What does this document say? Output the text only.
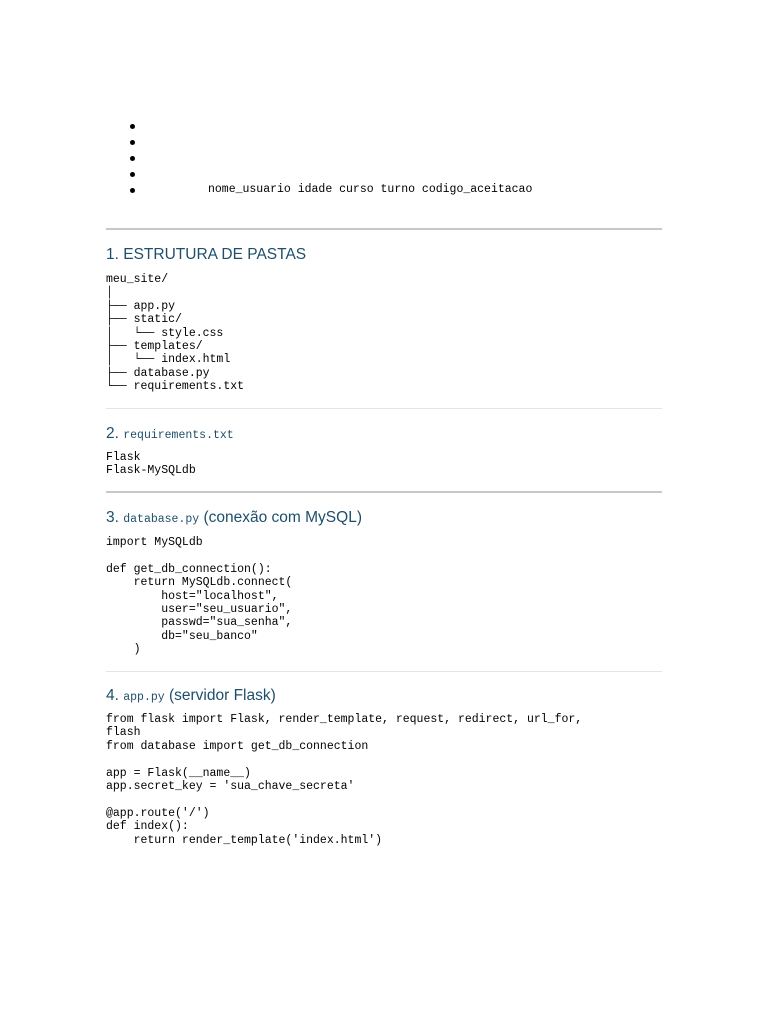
nome_usuario idade curso turno codigo_aceitacao
1. ESTRUTURA DE PASTAS
meu_site/
│
├── app.py
├── static/
│   └── style.css
├── templates/
│   └── index.html
├── database.py
└── requirements.txt
2. requirements.txt
Flask
Flask-MySQLdb
3. database.py (conexão com MySQL)
import MySQLdb

def get_db_connection():
return MySQLdb.connect(
host="localhost",
user="seu_usuario",
passwd="sua_senha",
db="seu_banco"
)
4. app.py (servidor Flask)
from flask import Flask, render_template, request, redirect, url_for,
flash
from database import get_db_connection

app = Flask(__name__)
app.secret_key = 'sua_chave_secreta'

@app.route('/')
def index():
return render_template('index.html')
